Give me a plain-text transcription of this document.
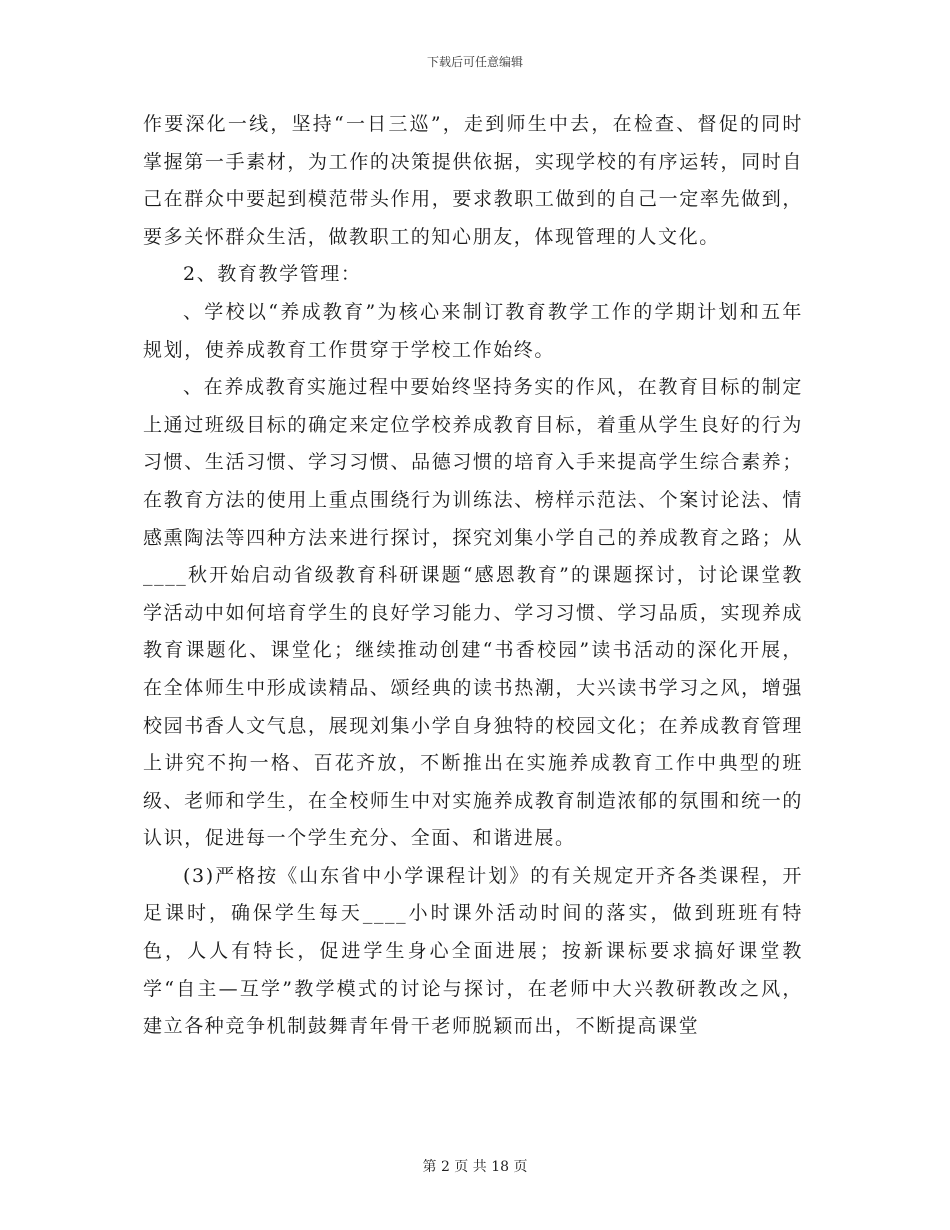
下载后可任意编辑

作要深化一线，坚持“一日三巡”，走到师生中去，在检查、督促的同时掌握第一手素材，为工作的决策提供依据，实现学校的有序运转，同时自己在群众中要起到模范带头作用，要求教职工做到的自己一定率先做到，要多关怀群众生活，做教职工的知心朋友，体现管理的人文化。

2、教育教学管理：

、学校以“养成教育”为核心来制订教育教学工作的学期计划和五年规划，使养成教育工作贯穿于学校工作始终。

、在养成教育实施过程中要始终坚持务实的作风，在教育目标的制定上通过班级目标的确定来定位学校养成教育目标，着重从学生良好的行为习惯、生活习惯、学习习惯、品德习惯的培育入手来提高学生综合素养；在教育方法的使用上重点围绕行为训练法、榜样示范法、个案讨论法、情感熏陶法等四种方法来进行探讨，探究刘集小学自己的养成教育之路；从____秋开始启动省级教育科研课题“感恩教育”的课题探讨，讨论课堂教学活动中如何培育学生的良好学习能力、学习习惯、学习品质，实现养成教育课题化、课堂化；继续推动创建“书香校园”读书活动的深化开展，在全体师生中形成读精品、颂经典的读书热潮，大兴读书学习之风，增强校园书香人文气息，展现刘集小学自身独特的校园文化；在养成教育管理上讲究不拘一格、百花齐放，不断推出在实施养成教育工作中典型的班级、老师和学生，在全校师生中对实施养成教育制造浓郁的氛围和统一的认识，促进每一个学生充分、全面、和谐进展。

(3)严格按《山东省中小学课程计划》的有关规定开齐各类课程，开足课时，确保学生每天____小时课外活动时间的落实，做到班班有特色，人人有特长，促进学生身心全面进展；按新课标要求搞好课堂教学“自主—互学”教学模式的讨论与探讨，在老师中大兴教研教改之风，建立各种竞争机制鼓舞青年骨干老师脱颖而出，不断提高课堂

第 2 页 共 18 页
